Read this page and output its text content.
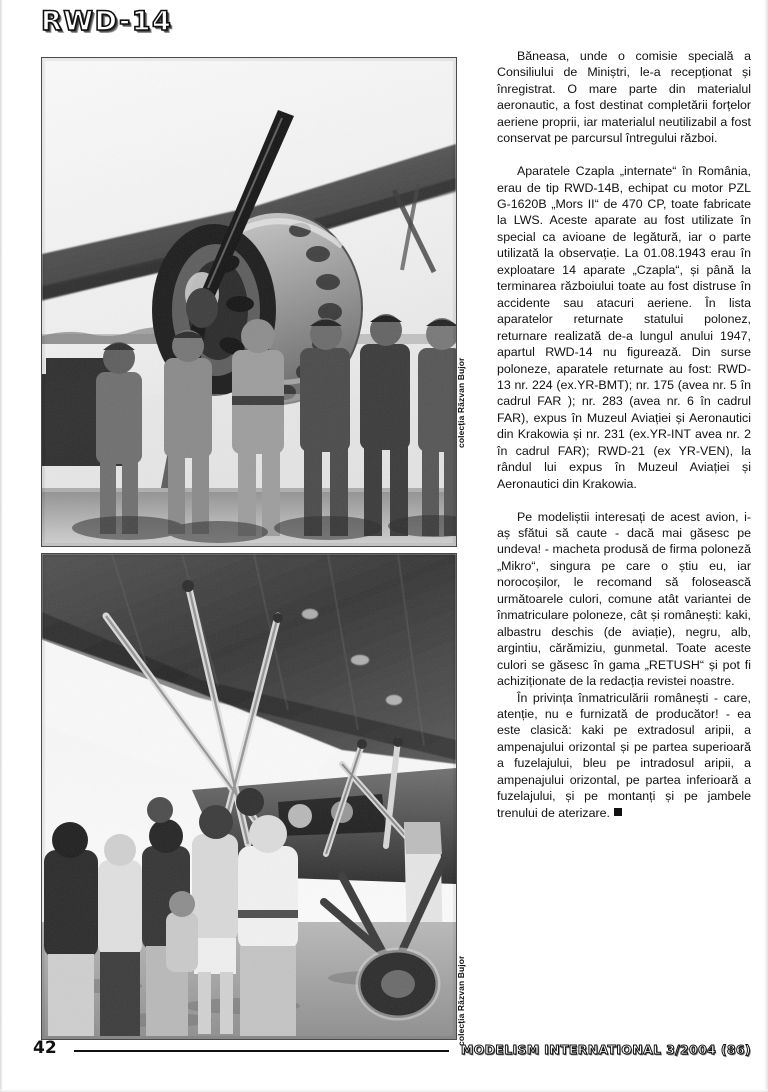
RWD-14
colecția Răzvan Bujor
colecția Răzvan Bujor

Băneasa, unde o comisie specială a Consiliului de Miniștri, le-a recepționat și înregistrat. O mare parte din materialul aeronautic, a fost destinat completării forțelor aeriene proprii, iar materialul neutilizabil a fost conservat pe parcursul întregului război.

Aparatele Czapla „internate“ în România, erau de tip RWD-14B, echipat cu motor PZL G-1620B „Mors II“ de 470 CP, toate fabricate la LWS. Aceste aparate au fost utilizate în special ca avioane de legătură, iar o parte utilizată la observație. La 01.08.1943 erau în exploatare 14 aparate „Czapla“, și până la terminarea războiului toate au fost distruse în accidente sau atacuri aeriene. În lista aparatelor returnate statului polonez, returnare realizată de-a lungul anului 1947, apartul RWD-14 nu figurează. Din surse poloneze, aparatele returnate au fost: RWD-13 nr. 224 (ex.YR-BMT); nr. 175 (avea nr. 5 în cadrul FAR ); nr. 283 (avea nr. 6 în cadrul FAR), expus în Muzeul Aviației și Aeronautici din Krakowia și nr. 231 (ex.YR-INT avea nr. 2 în cadrul FAR); RWD-21 (ex YR-VEN), la rândul lui expus în Muzeul Aviației și Aeronautici din Krakowia.

Pe modeliștii interesați de acest avion, i-aș sfătui să caute - dacă mai găsesc pe undeva! - macheta produsă de firma poloneză „Mikro“, singura pe care o știu eu, iar norocoșilor, le recomand să folosească următoarele culori, comune atât variantei de înmatriculare poloneze, cât și românești: kaki, albastru deschis (de aviație), negru, alb, argintiu, cărămiziu, gunmetal. Toate aceste culori se găsesc în gama „RETUSH“ și pot fi achiziționate de la redacția revistei noastre.

În privința înmatriculării românești - care, atenție, nu e furnizată de producător! - ea este clasică: kaki pe extradosul aripii, a ampenajului orizontal și pe partea superioară a fuzelajului, bleu pe intradosul aripii, a ampenajului orizontal, pe partea inferioară a fuzelajului, și pe montanți și pe jambele trenului de aterizare.

42	MODELISM INTERNATIONAL 3/2004 (86)
